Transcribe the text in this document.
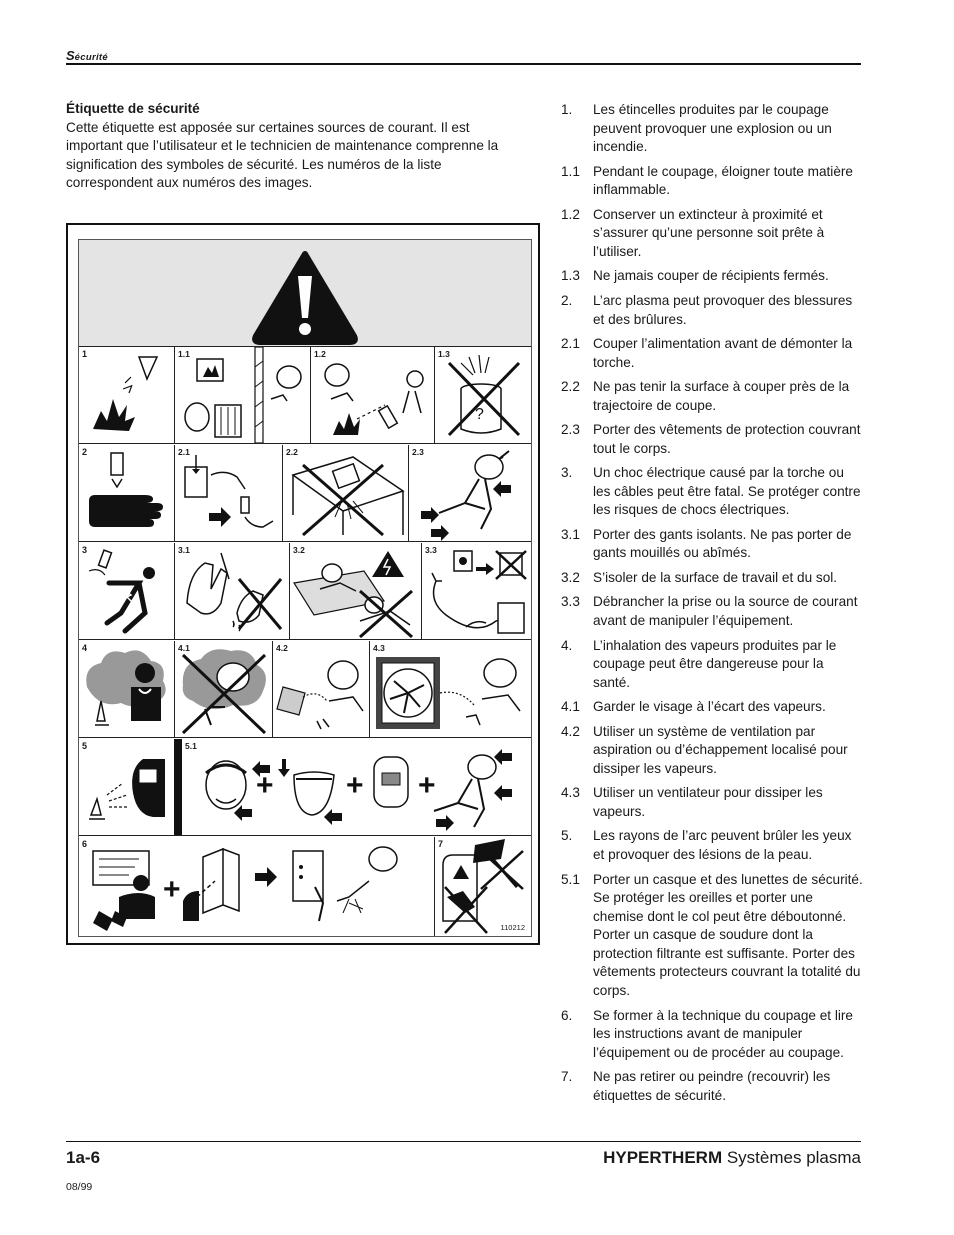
Sécurité
Étiquette de sécurité
Cette étiquette est apposée sur certaines sources de courant. Il est important que l’utilisateur et le technicien de maintenance comprenne la signification des symboles de sécurité. Les numéros de la liste correspondent aux numéros des images.
1	1.1	1.2	1.3
?
2	2.1	2.2	2.3
3	3.1	3.2	3.3
4	4.1	4.2	4.3
5	5.1
+ + +
6
+
7
110212
1.	Les étincelles produites par le coupage peuvent provoquer une explosion ou un incendie.
1.1 Pendant le coupage, éloigner toute matière inflammable.
1.2 Conserver un extincteur à proximité et s’assurer qu’une personne soit prête à l’utiliser.
1.3 Ne jamais couper de récipients fermés.
2.	L’arc plasma peut provoquer des blessures et des brûlures.
2.1 Couper l’alimentation avant de démonter la torche.
2.2 Ne pas tenir la surface à couper près de la trajectoire de coupe.
2.3 Porter des vêtements de protection couvrant tout le corps.
3.	Un choc électrique causé par la torche ou les câbles peut être fatal. Se protéger contre les risques de chocs électriques.
3.1 Porter des gants isolants. Ne pas porter de gants mouillés ou abîmés.
3.2 S’isoler de la surface de travail et du sol.
3.3 Débrancher la prise ou la source de courant avant de manipuler l’équipement.
4.	L’inhalation des vapeurs produites par le coupage peut être dangereuse pour la santé.
4.1 Garder le visage à l’écart des vapeurs.
4.2 Utiliser un système de ventilation par aspiration ou d’échappement localisé pour dissiper les vapeurs.
4.3 Utiliser un ventilateur pour dissiper les vapeurs.
5.	Les rayons de l’arc peuvent brûler les yeux et provoquer des lésions de la peau.
5.1 Porter un casque et des lunettes de sécurité. Se protéger les oreilles et porter une chemise dont le col peut être déboutonné. Porter un casque de soudure dont la protection filtrante est suffisante. Porter des vêtements protecteurs couvrant la totalité du corps.
6.	Se former à la technique du coupage et lire les instructions avant de manipuler l’équipement ou de procéder au coupage.
7.	Ne pas retirer ou peindre (recouvrir) les étiquettes de sécurité.
1a-6	HYPERTHERM Systèmes plasma
08/99
